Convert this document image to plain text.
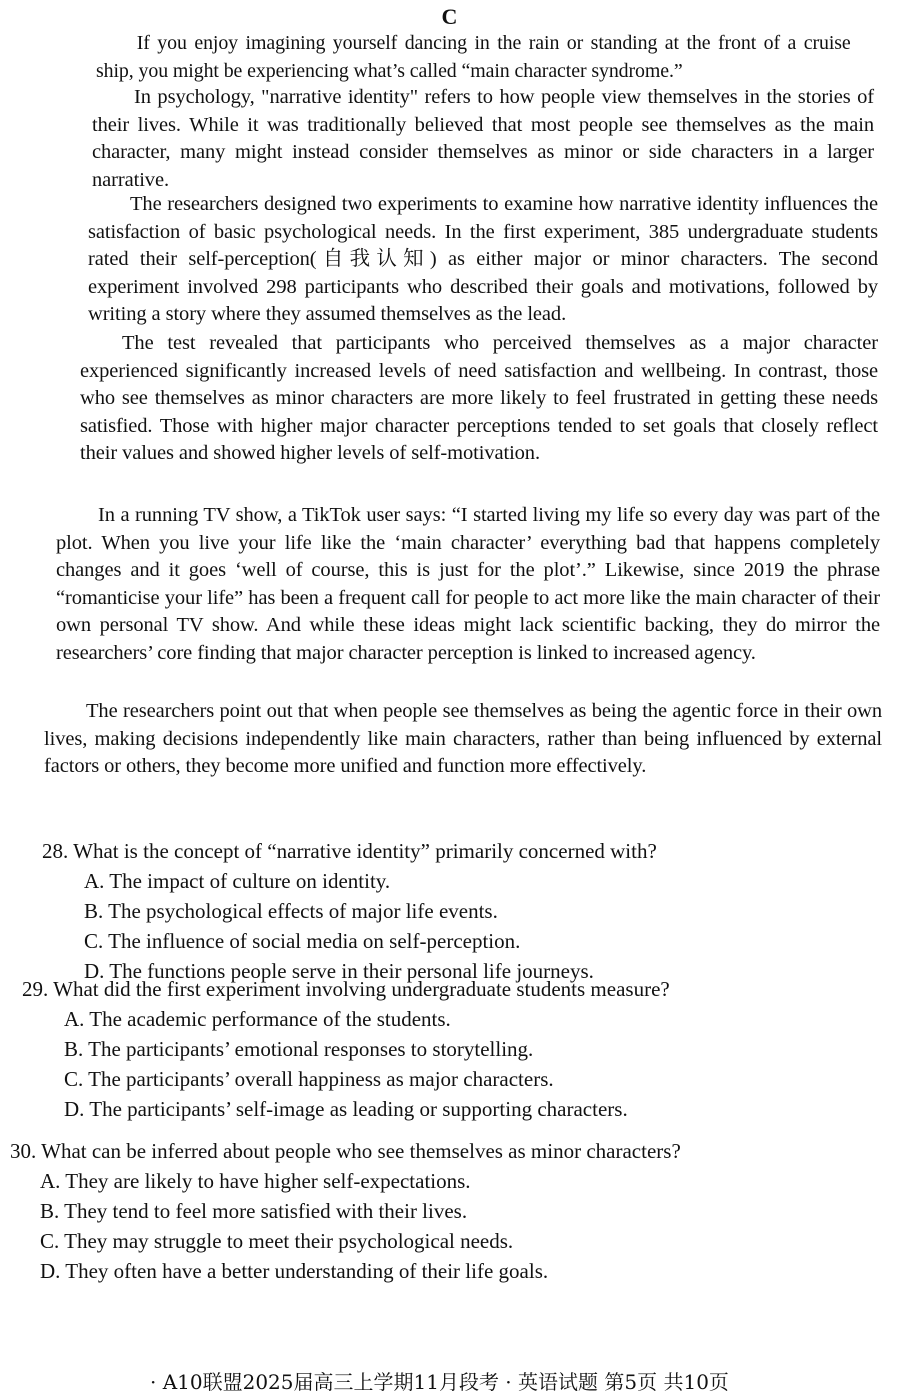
C

If you enjoy imagining yourself dancing in the rain or standing at the front of a cruise ship, you might be experiencing what’s called “main character syndrome.”

In psychology, "narrative identity" refers to how people view themselves in the stories of their lives. While it was traditionally believed that most people see themselves as the main character, many might instead consider themselves as minor or side characters in a larger narrative.

The researchers designed two experiments to examine how narrative identity influences the satisfaction of basic psychological needs. In the first experiment, 385 undergraduate students rated their self-perception(自我认知) as either major or minor characters. The second experiment involved 298 participants who described their goals and motivations, followed by writing a story where they assumed themselves as the lead.

The test revealed that participants who perceived themselves as a major character experienced significantly increased levels of need satisfaction and wellbeing. In contrast, those who see themselves as minor characters are more likely to feel frustrated in getting these needs satisfied. Those with higher major character perceptions tended to set goals that closely reflect their values and showed higher levels of self-motivation.

In a running TV show, a TikTok user says: “I started living my life so every day was part of the plot. When you live your life like the ‘main character’ everything bad that happens completely changes and it goes ‘well of course, this is just for the plot’.” Likewise, since 2019 the phrase “romanticise your life” has been a frequent call for people to act more like the main character of their own personal TV show. And while these ideas might lack scientific backing, they do mirror the researchers’ core finding that major character perception is linked to increased agency.

The researchers point out that when people see themselves as being the agentic force in their own lives, making decisions independently like main characters, rather than being influenced by external factors or others, they become more unified and function more effectively.

28. What is the concept of “narrative identity” primarily concerned with?
A. The impact of culture on identity.
B. The psychological effects of major life events.
C. The influence of social media on self-perception.
D. The functions people serve in their personal life journeys.
29. What did the first experiment involving undergraduate students measure?
A. The academic performance of the students.
B. The participants’ emotional responses to storytelling.
C. The participants’ overall happiness as major characters.
D. The participants’ self-image as leading or supporting characters.
30. What can be inferred about people who see themselves as minor characters?
A. They are likely to have higher self-expectations.
B. They tend to feel more satisfied with their lives.
C. They may struggle to meet their psychological needs.
D. They often have a better understanding of their life goals.
· A10联盟2025届高三上学期11月段考 · 英语试题 第5页 共10页
